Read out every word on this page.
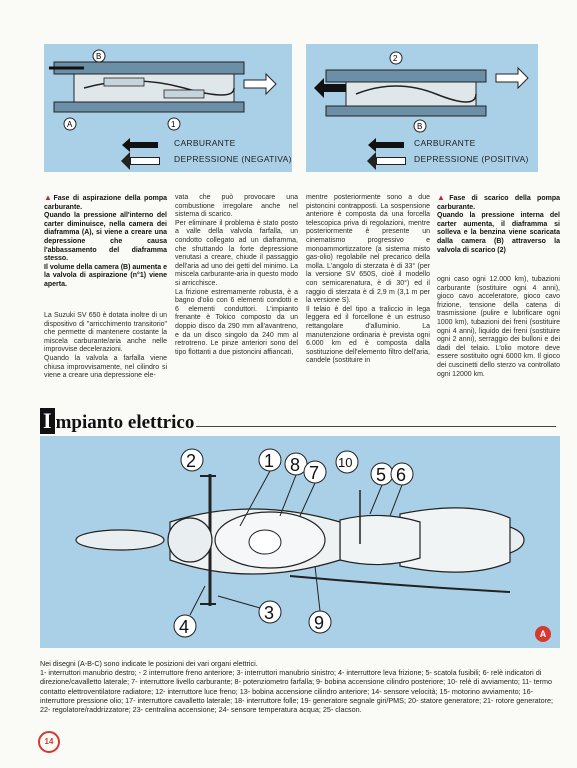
B
A	1
CARBURANTE
DEPRESSIONE (NEGATIVA)
2
B
CARBURANTE
DEPRESSIONE (POSITIVA)

▲Fase di aspirazione della pompa carburante.

Quando la pressione all'interno del carter diminuisce, nella camera dei diaframma (A), si viene a creare una depressione che causa l'abbassamento del diaframma stesso.
Il volume della camera (B) aumenta e la valvola di aspirazione (n°1) viene aperta.

La Suzuki SV 650 è dotata inoltre di un dispositivo di "arricchimento transitorio" che permette di mantenere costante la miscela carburante/aria anche nelle improvvise decelerazioni.
Quando la valvola a farfalla viene chiusa improvvisamente, nel cilindro si viene a creare una depressione ele-
vata che può provocare una combustione irregolare anche nel sistema di scarico.
Per eliminare il problema è stato posto a valle della valvola farfalla, un condotto collegato ad un diaframma, che sfruttando la forte depressione venutasi a creare, chiude il passaggio dell'aria ad uno dei getti del minimo. La miscela carburante-aria in questo modo si arricchisce.
La frizione estremamente robusta, è a bagno d'olio con 6 elementi condotti e 6 elementi conduttori. L'impianto frenante è Tokico composto da un doppio disco da 290 mm all'avantreno, e da un disco singolo da 240 mm al retrotreno. Le pinze anteriori sono del tipo flottanti a due pistoncini affiancati,
mentre posteriormente sono a due pistoncini contrapposti. La sospensione anteriore è composta da una forcella telescopica priva di regolazioni, mentre posteriormente è presente un cinematismo progressivo e monoammortizzatore (a sistema misto gas-olio) regolabile nel precarico della molla. L'angolo di sterzata è di 33° (per la versione SV 650S, cioè il modello con semicarenatura, è di 30°) ed il raggio di sterzata è di 2,9 m (3,1 m per la versione S).
Il telaio è del tipo a traliccio in lega leggera ed il forcellone è un estruso rettangolare d'alluminio. La manutenzione ordinaria è prevista ogni 6.000 km ed è composta dalla sostituzione dell'elemento filtro dell'aria, candele (sostituire in

▲Fase di scarico della pompa carburante.

Quando la pressione interna del carter aumenta, il diaframma si solleva e la benzina viene scaricata dalla camera (B) attraverso la valvola di scarico (2)

ogni caso ogni 12.000 km), tubazioni carburante (sostituire ogni 4 anni), gioco cavo acceleratore, gioco cavo frizione, tensione della catena di trasmissione (pulire e lubrificare ogni 1000 km), tubazioni dei freni (sostituire ogni 4 anni), liquido dei freni (sostituire ogni 2 anni), serraggio dei bulloni e dei dadi del telaio. L'olio motore deve essere sostituito ogni 6000 km. Il gioco dei cuscinetti dello sterzo va controllato ogni 12000 km.
I mpianto elettrico
2	1 8 7
10
5 6
4
3 9
A
Nei disegni (A-B-C) sono indicate le posizioni dei vari organi elettrici.
1- interruttori manubrio destro; - 2 interruttore freno anteriore; 3- interruttori manubrio sinistro; 4- interruttore leva frizione; 5- scatola fusibili; 6- relè indicatori di direzione/cavalletto laterale; 7- interruttore livello carburante; 8- potenziometro farfalla; 9- bobina accensione cilindro posteriore; 10- relè di avviamento; 11- termo contatto elettroventilatore radiatore; 12- interruttore luce freno; 13- bobina accensione cilindro anteriore; 14- sensore velocità; 15- motorino avviamento; 16- interruttore pressione olio; 17- interruttore cavalletto laterale; 18- interruttore folle; 19- generatore segnale giri/PMS; 20- statore generatore; 21- rotore generatore; 22- regolatore/raddrizzatore; 23- centralina accensione; 24- sensore temperatura acqua; 25- clacson.
14
